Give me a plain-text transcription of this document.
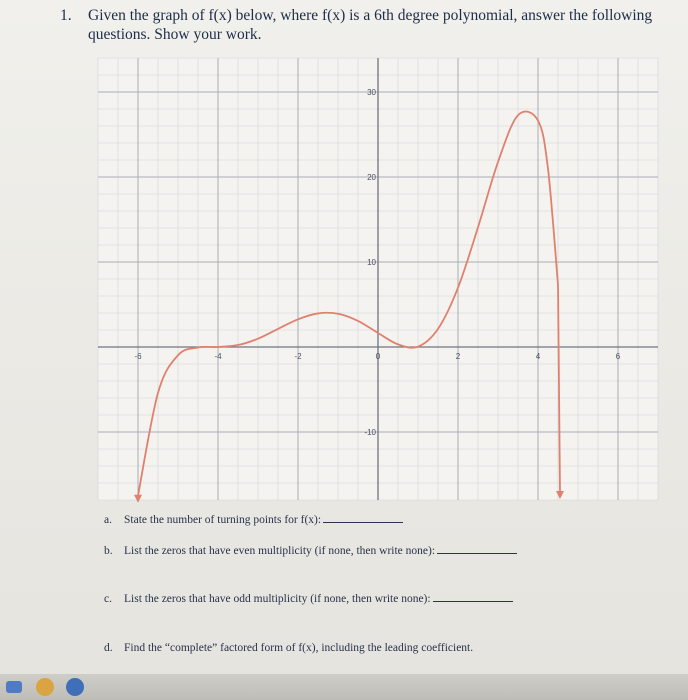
1. Given the graph of f(x) below, where f(x) is a 6th degree polynomial, answer the following
questions. Show your work.
-6	-4	-2	0	2	4	6
30
20
10
-10
a. State the number of turning points for f(x):
b. List the zeros that have even multiplicity (if none, then write none):
c. List the zeros that have odd multiplicity (if none, then write none):
d. Find the “complete” factored form of f(x), including the leading coefficient.
